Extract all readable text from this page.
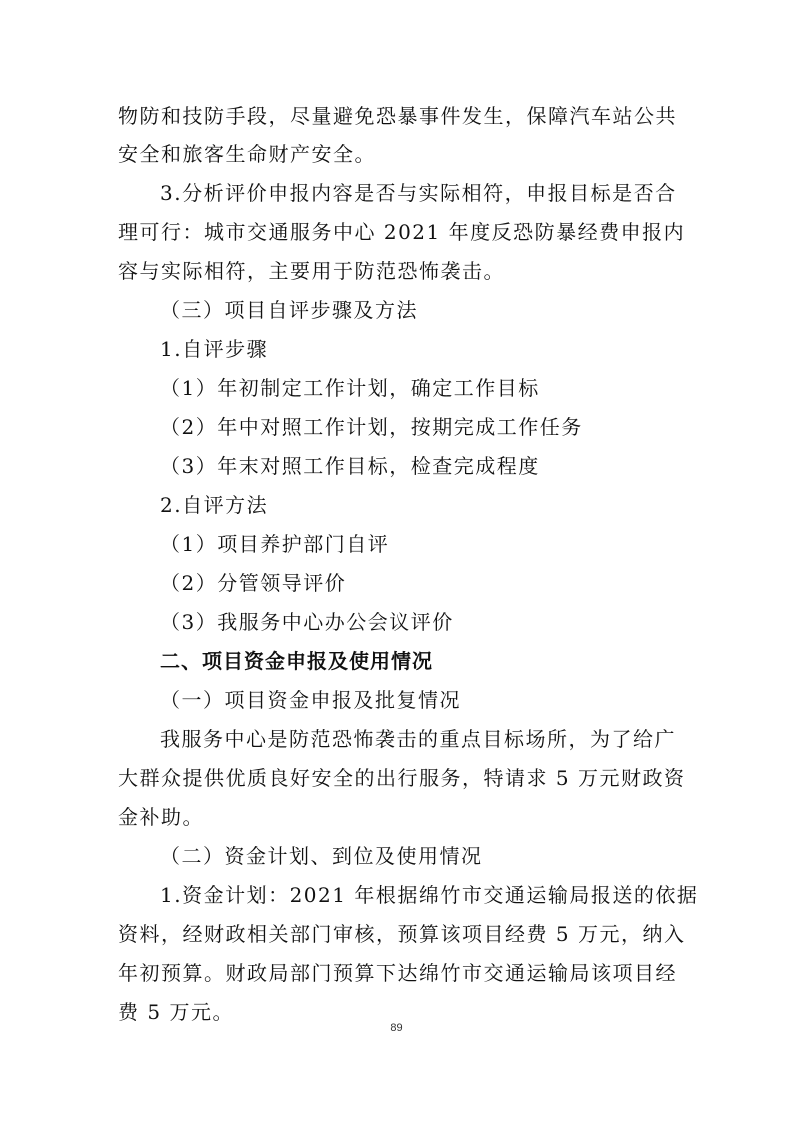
物防和技防手段，尽量避免恐暴事件发生，保障汽车站公共
安全和旅客生命财产安全。
3.分析评价申报内容是否与实际相符，申报目标是否合
理可行：城市交通服务中心 2021 年度反恐防暴经费申报内
容与实际相符，主要用于防范恐怖袭击。
（三）项目自评步骤及方法
1.自评步骤
（1）年初制定工作计划，确定工作目标
（2）年中对照工作计划，按期完成工作任务
（3）年末对照工作目标，检查完成程度
2.自评方法
（1）项目养护部门自评
（2）分管领导评价
（3）我服务中心办公会议评价
二、项目资金申报及使用情况
（一）项目资金申报及批复情况
我服务中心是防范恐怖袭击的重点目标场所，为了给广
大群众提供优质良好安全的出行服务，特请求 5 万元财政资
金补助。
（二）资金计划、到位及使用情况
1.资金计划：2021 年根据绵竹市交通运输局报送的依据
资料，经财政相关部门审核，预算该项目经费 5 万元，纳入
年初预算。财政局部门预算下达绵竹市交通运输局该项目经
费 5 万元。
89
